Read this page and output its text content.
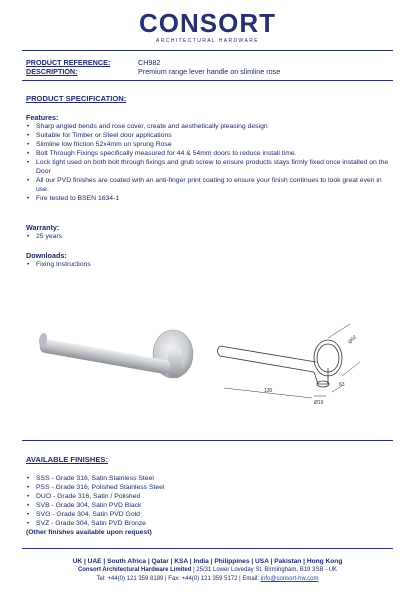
CONSORT
ARCHITECTURAL HARDWARE
PRODUCT REFERENCE:	CH982
DESCRIPTION:	Premium range lever handle on slimline rose
PRODUCT SPECIFICATION:
Features:
• Sharp angled bends and rose cover, create and aesthetically pleasing design
• Suitable for Timber or Steel door applications
• Slimline low friction 52x4mm un sprung Rose
• Bolt Through Fixings specifically measured for 44 & 54mm doors to reduce install time.
• Lock tight used on both bolt through fixings and grub screw to ensure products stays firmly fixed once installed on the Door
• All our PVD finishes are coated with an anti-finger print coating to ensure your finish continues to look great even in use.
• Fire tested to BSEN 1634-1
Warranty:
• 25 years
Downloads:
• Fixing Instructions
Ø52
130
63
Ø19
AVAILABLE FINISHES:
• SSS - Grade 316, Satin Stainless Steel
• PSS - Grade 316, Polished Stainless Steel
• DUO - Grade 316, Satin / Polished
• SVB - Grade 304, Satin PVD Black
• SVG - Grade 304, Satin PVD Gold
• SVZ - Grade 304, Satin PVD Bronze
(Other finishes available upon request)
UK | UAE | South Africa | Qatar | KSA | India | Philippines | USA | Pakistan | Hong Kong
Consort Architectural Hardware Limited | 25/31 Lower Loveday St, Birmingham, B19 3SB - UK
Tel: +44(0) 121 359 8189 | Fax: +44(0) 121 359 5172 | Email: info@consort-hw.com
